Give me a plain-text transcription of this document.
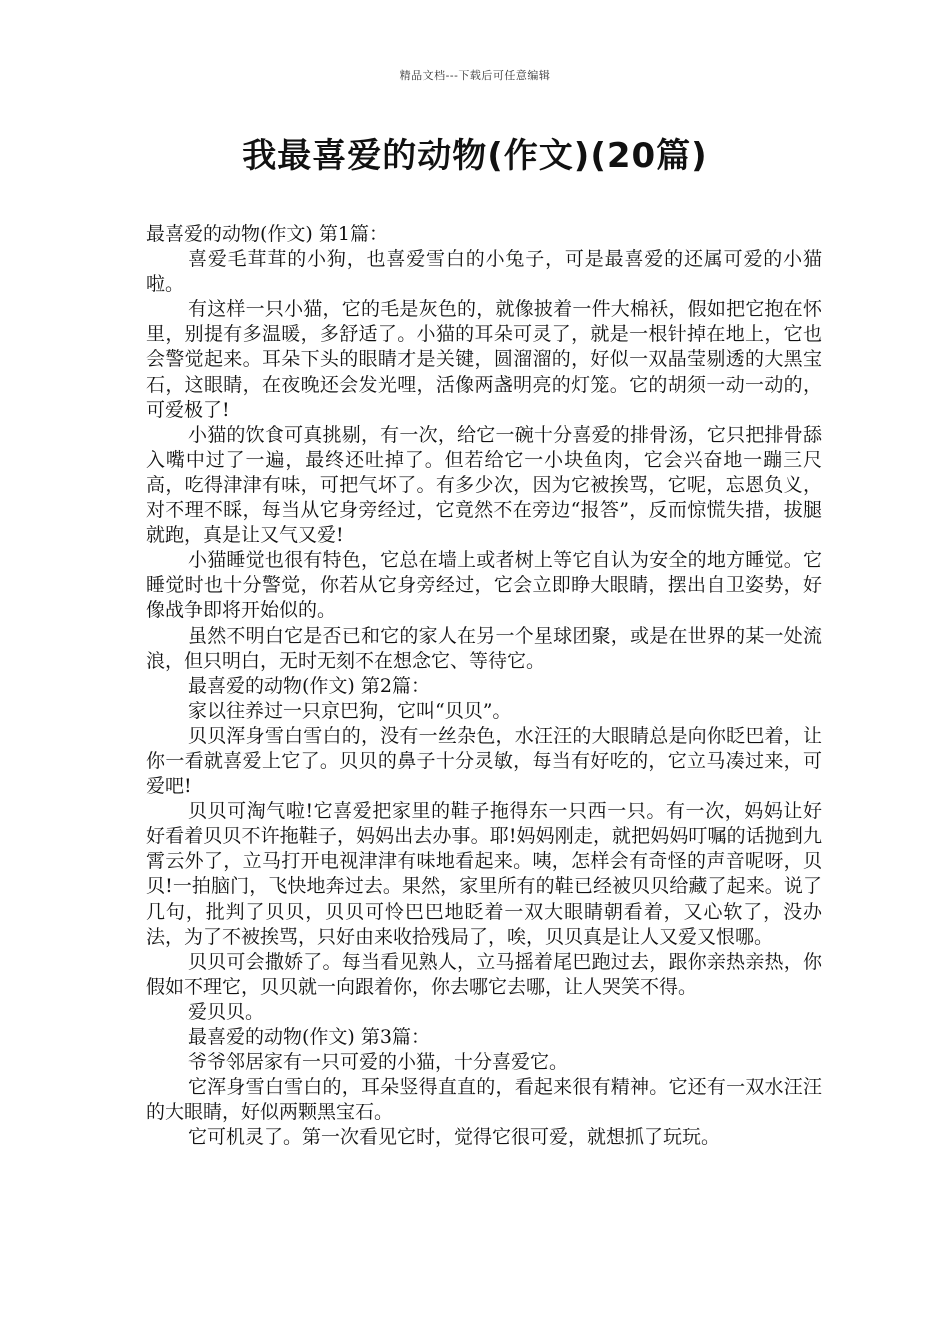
精品文档---下载后可任意编辑
我最喜爱的动物(作文)(20篇)

最喜爱的动物(作文) 第1篇：

喜爱毛茸茸的小狗，也喜爱雪白的小兔子，可是最喜爱的还属可爱的小猫啦。

有这样一只小猫，它的毛是灰色的，就像披着一件大棉袄，假如把它抱在怀里，别提有多温暖，多舒适了。小猫的耳朵可灵了，就是一根针掉在地上，它也会警觉起来。耳朵下头的眼睛才是关键，圆溜溜的，好似一双晶莹剔透的大黑宝石，这眼睛，在夜晚还会发光哩，活像两盏明亮的灯笼。它的胡须一动一动的，可爱极了!

小猫的饮食可真挑剔，有一次，给它一碗十分喜爱的排骨汤，它只把排骨舔入嘴中过了一遍，最终还吐掉了。但若给它一小块鱼肉，它会兴奋地一蹦三尺高，吃得津津有味，可把气坏了。有多少次，因为它被挨骂，它呢，忘恩负义，对不理不睬，每当从它身旁经过，它竟然不在旁边“报答”，反而惊慌失措，拔腿就跑，真是让又气又爱!

小猫睡觉也很有特色，它总在墙上或者树上等它自认为安全的地方睡觉。它睡觉时也十分警觉，你若从它身旁经过，它会立即睁大眼睛，摆出自卫姿势，好像战争即将开始似的。

虽然不明白它是否已和它的家人在另一个星球团聚，或是在世界的某一处流浪，但只明白，无时无刻不在想念它、等待它。

最喜爱的动物(作文) 第2篇：

家以往养过一只京巴狗，它叫“贝贝”。

贝贝浑身雪白雪白的，没有一丝杂色，水汪汪的大眼睛总是向你眨巴着，让你一看就喜爱上它了。贝贝的鼻子十分灵敏，每当有好吃的，它立马凑过来，可爱吧!

贝贝可淘气啦!它喜爱把家里的鞋子拖得东一只西一只。有一次，妈妈让好好看着贝贝不许拖鞋子，妈妈出去办事。耶!妈妈刚走，就把妈妈叮嘱的话抛到九霄云外了，立马打开电视津津有味地看起来。咦，怎样会有奇怪的声音呢呀，贝贝!一拍脑门，飞快地奔过去。果然，家里所有的鞋已经被贝贝给藏了起来。说了几句，批判了贝贝，贝贝可怜巴巴地眨着一双大眼睛朝看着，又心软了，没办法，为了不被挨骂，只好由来收拾残局了，唉，贝贝真是让人又爱又恨哪。

贝贝可会撒娇了。每当看见熟人，立马摇着尾巴跑过去，跟你亲热亲热，你假如不理它，贝贝就一向跟着你，你去哪它去哪，让人哭笑不得。

爱贝贝。

最喜爱的动物(作文) 第3篇：

爷爷邻居家有一只可爱的小猫，十分喜爱它。

它浑身雪白雪白的，耳朵竖得直直的，看起来很有精神。它还有一双水汪汪的大眼睛，好似两颗黑宝石。

它可机灵了。第一次看见它时，觉得它很可爱，就想抓了玩玩。
